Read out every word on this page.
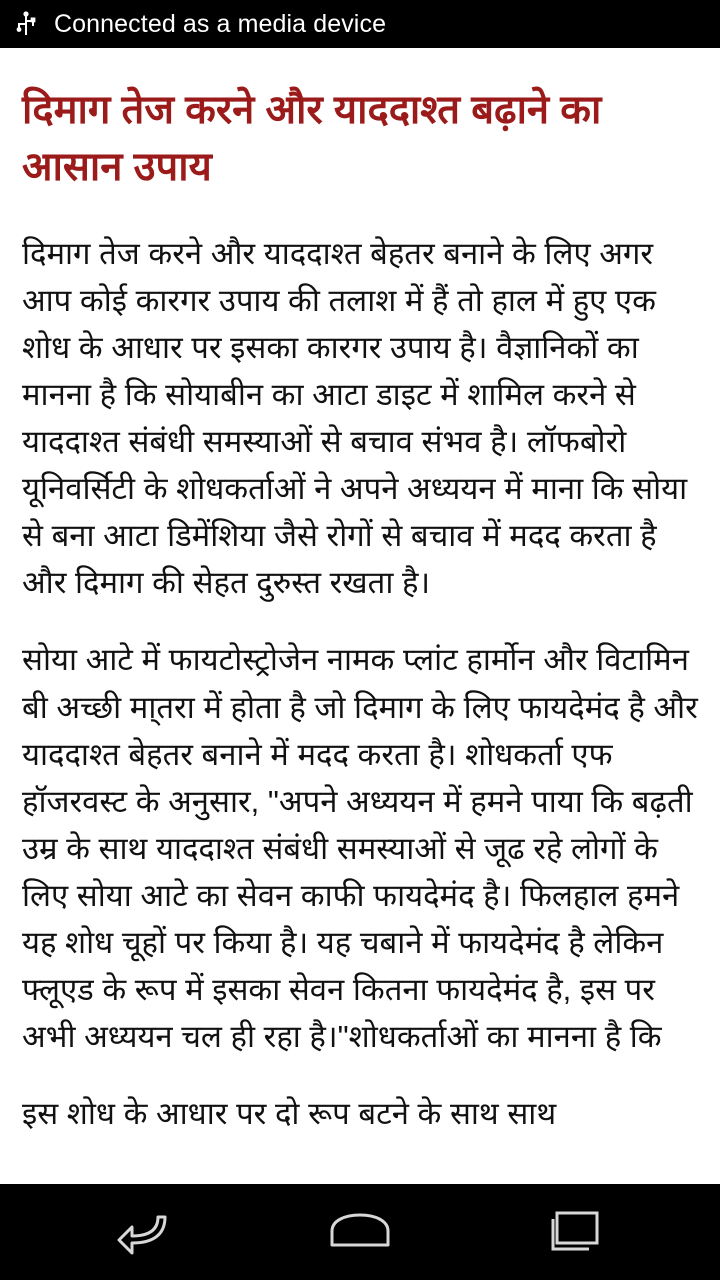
Connected as a media device
दिमाग तेज करने और याददाश्त बढ़ाने का आसान उपाय
दिमाग तेज करने और याददाश्त बेहतर बनाने के लिए अगर आप कोई कारगर उपाय की तलाश में हैं तो हाल में हुए एक शोध के आधार पर इसका कारगर उपाय है। वैज्ञानिकों का मानना है कि सोयाबीन का आटा डाइट में शामिल करने से याददाश्त संबंधी समस्याओं से बचाव संभव है। लॉफबोरो यूनिवर्सिटी के शोधकर्ताओं ने अपने अध्ययन में माना कि सोया से बना आटा डिमेंशिया जैसे रोगों से बचाव में मदद करता है और दिमाग की सेहत दुरुस्त रखता है।
सोया आटे में फायटोस्ट्रोजेन नामक प्लांट हार्मोन और विटामिन बी अच्छी मा्तरा में होता है जो दिमाग के लिए फायदेमंद है और याददाश्त बेहतर बनाने में मदद करता है। शोधकर्ता एफ हॉजरवस्ट के अनुसार, "अपने अध्ययन में हमने पाया कि बढ़ती उम्र के साथ याददाश्त संबंधी समस्याओं से जूढ रहे लोगों के लिए सोया आटे का सेवन काफी फायदेमंद है। फिलहाल हमने यह शोध चूहों पर किया है। यह चबाने में फायदेमंद है लेकिन फ्लूएड के रूप में इसका सेवन कितना फायदेमंद है, इस पर अभी अध्ययन चल ही रहा है।"शोधकर्ताओं का मानना है कि
इस शोध के आधार पर दो रूप बटने के साथ साथ
